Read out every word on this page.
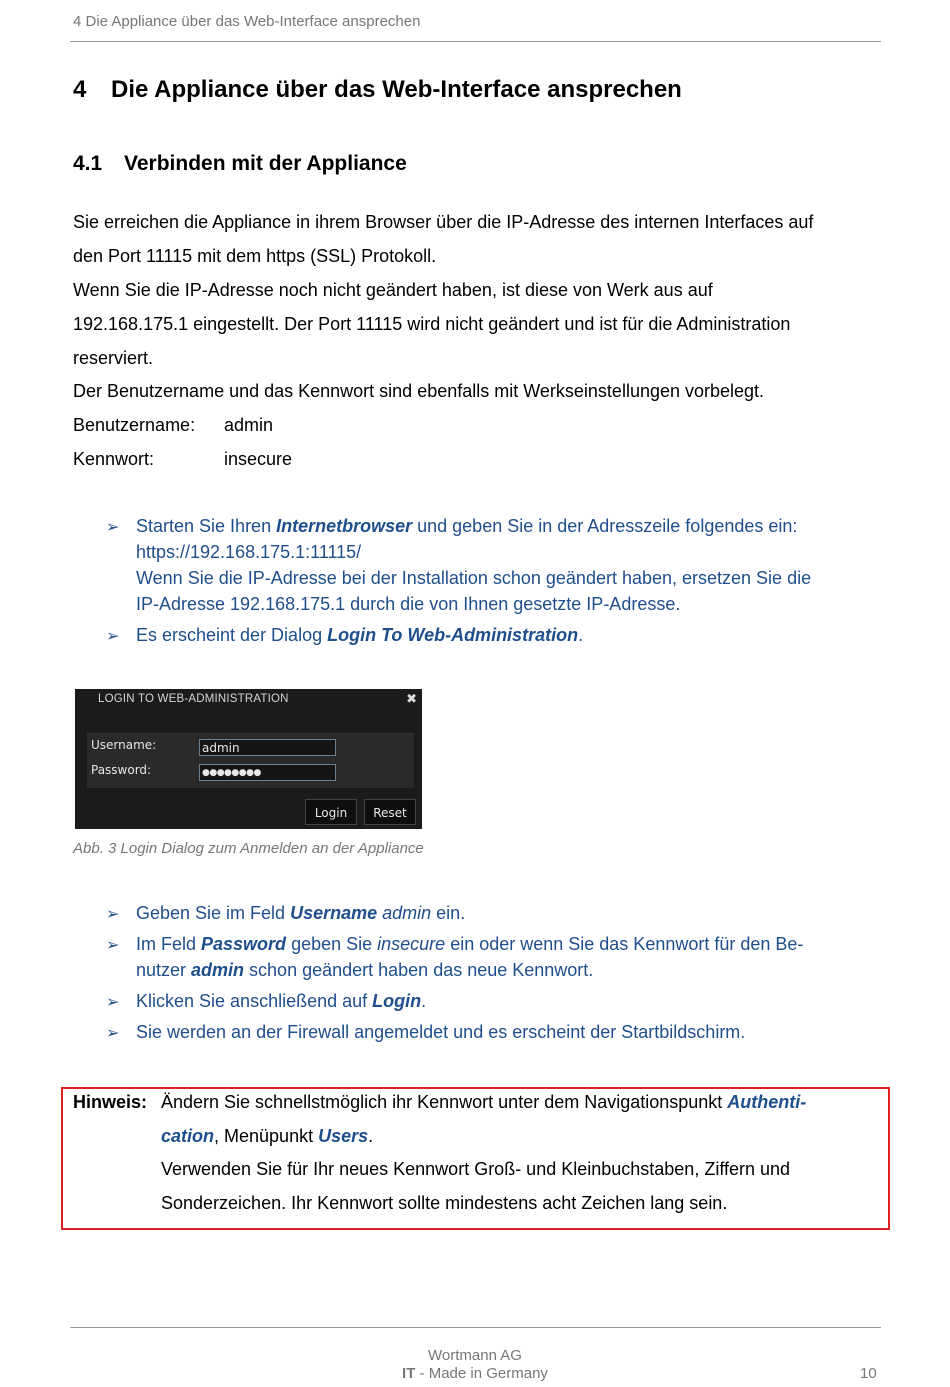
4 Die Appliance über das Web-Interface ansprechen
4 Die Appliance über das Web-Interface ansprechen
4.1 Verbinden mit der Appliance
Sie erreichen die Appliance in ihrem Browser über die IP-Adresse des internen Interfaces auf
den Port 11115 mit dem https (SSL) Protokoll.
Wenn Sie die IP-Adresse noch nicht geändert haben, ist diese von Werk aus auf
192.168.175.1 eingestellt. Der Port 11115 wird nicht geändert und ist für die Administration
reserviert.
Der Benutzername und das Kennwort sind ebenfalls mit Werkseinstellungen vorbelegt.
Benutzername: admin
Kennwort:	insecure
➢ Starten Sie Ihren Internetbrowser und geben Sie in der Adresszeile folgendes ein:
https://192.168.175.1:11115/
Wenn Sie die IP-Adresse bei der Installation schon geändert haben, ersetzen Sie die
IP-Adresse 192.168.175.1 durch die von Ihnen gesetzte IP-Adresse.
➢ Es erscheint der Dialog Login To Web-Administration.
LOGIN TO WEB-ADMINISTRATION	✖
Username:	admin
Password:	●●●●●●●●
Login	Reset
Abb. 3 Login Dialog zum Anmelden an der Appliance
➢ Geben Sie im Feld Username admin ein.
➢ Im Feld Password geben Sie insecure ein oder wenn Sie das Kennwort für den Be-
nutzer admin schon geändert haben das neue Kennwort.
➢ Klicken Sie anschließend auf Login.
➢ Sie werden an der Firewall angemeldet und es erscheint der Startbildschirm.
Hinweis: Ändern Sie schnellstmöglich ihr Kennwort unter dem Navigationspunkt Authenti-
cation, Menüpunkt Users.
Verwenden Sie für Ihr neues Kennwort Groß- und Kleinbuchstaben, Ziffern und
Sonderzeichen. Ihr Kennwort sollte mindestens acht Zeichen lang sein.
Wortmann AG
IT - Made in Germany	10
